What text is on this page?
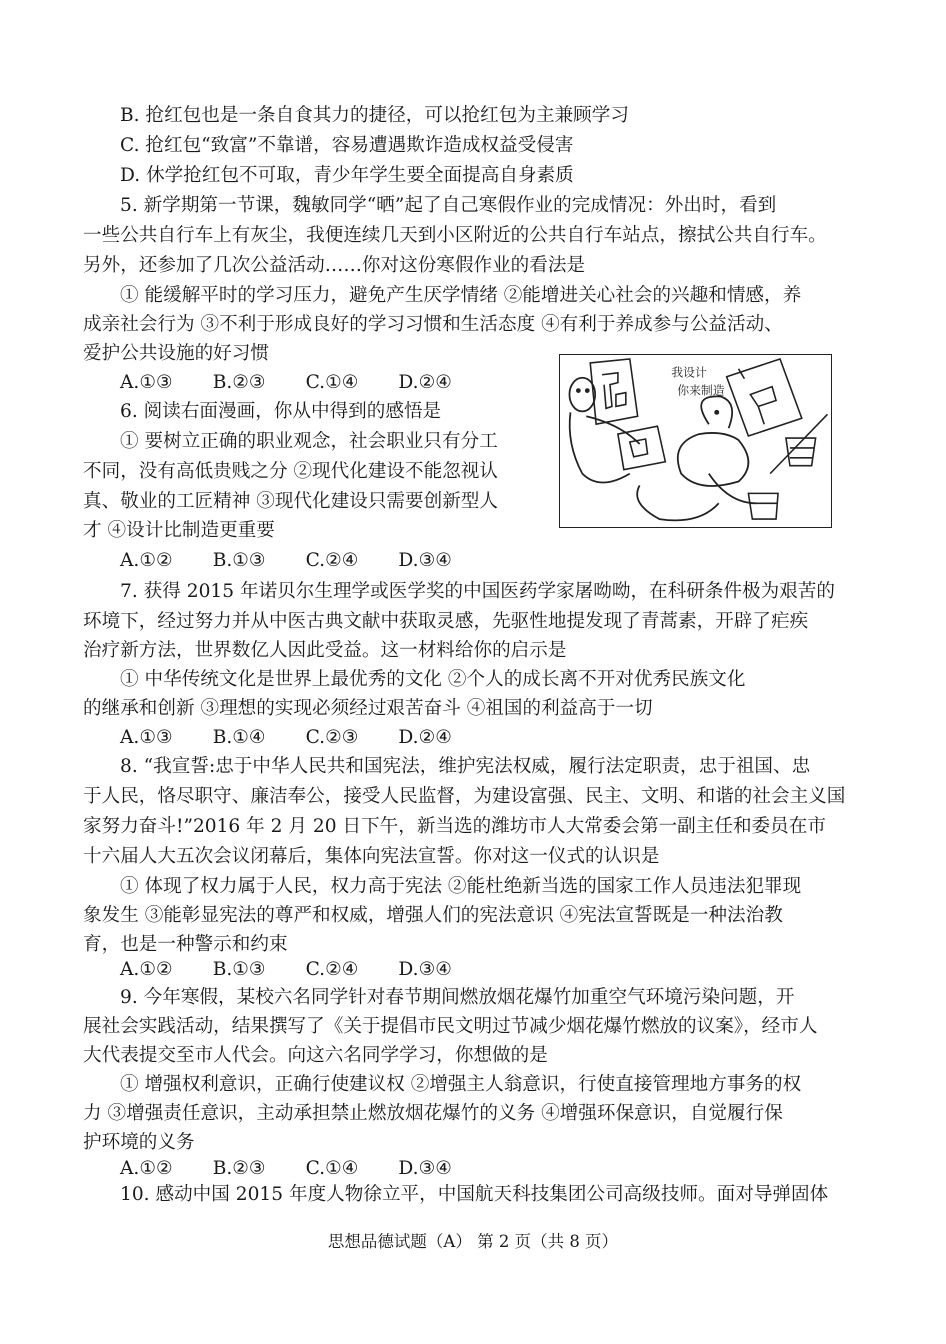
B. 抢红包也是一条自食其力的捷径，可以抢红包为主兼顾学习
C. 抢红包“致富”不靠谱，容易遭遇欺诈造成权益受侵害
D. 休学抢红包不可取，青少年学生要全面提高自身素质
5. 新学期第一节课，魏敏同学“晒”起了自己寒假作业的完成情况：外出时，看到
一些公共自行车上有灰尘，我便连续几天到小区附近的公共自行车站点，擦拭公共自行车。
另外，还参加了几次公益活动……你对这份寒假作业的看法是
① 能缓解平时的学习压力，避免产生厌学情绪 ②能增进关心社会的兴趣和情感，养
成亲社会行为 ③不利于形成良好的学习习惯和生活态度 ④有利于养成参与公益活动、
爱护公共设施的好习惯
A.①③ B.②③ C.①④ D.②④
6. 阅读右面漫画，你从中得到的感悟是
① 要树立正确的职业观念，社会职业只有分工
不同，没有高低贵贱之分 ②现代化建设不能忽视认
真、敬业的工匠精神 ③现代化建设只需要创新型人
才 ④设计比制造更重要
A.①② B.①③ C.②④ D.③④
我设计
你来制造
7. 获得 2015 年诺贝尔生理学或医学奖的中国医药学家屠呦呦，在科研条件极为艰苦的
环境下，经过努力并从中医古典文献中获取灵感，先驱性地提发现了青蒿素，开辟了疟疾
治疗新方法，世界数亿人因此受益。这一材料给你的启示是
① 中华传统文化是世界上最优秀的文化 ②个人的成长离不开对优秀民族文化
的继承和创新 ③理想的实现必须经过艰苦奋斗 ④祖国的利益高于一切
A.①③ B.①④ C.②③ D.②④
8. “我宣誓:忠于中华人民共和国宪法，维护宪法权威，履行法定职责，忠于祖国、忠
于人民，恪尽职守、廉洁奉公，接受人民监督，为建设富强、民主、文明、和谐的社会主义国
家努力奋斗!”2016 年 2 月 20 日下午，新当选的潍坊市人大常委会第一副主任和委员在市
十六届人大五次会议闭幕后，集体向宪法宣誓。你对这一仪式的认识是
① 体现了权力属于人民，权力高于宪法 ②能杜绝新当选的国家工作人员违法犯罪现
象发生 ③能彰显宪法的尊严和权威，增强人们的宪法意识 ④宪法宣誓既是一种法治教
育，也是一种警示和约束
A.①② B.①③ C.②④ D.③④
9. 今年寒假，某校六名同学针对春节期间燃放烟花爆竹加重空气环境污染问题，开
展社会实践活动，结果撰写了《关于提倡市民文明过节减少烟花爆竹燃放的议案》，经市人
大代表提交至市人代会。向这六名同学学习，你想做的是
① 增强权利意识，正确行使建议权 ②增强主人翁意识，行使直接管理地方事务的权
力 ③增强责任意识，主动承担禁止燃放烟花爆竹的义务 ④增强环保意识，自觉履行保
护环境的义务
A.①② B.②③ C.①④ D.③④
10. 感动中国 2015 年度人物徐立平，中国航天科技集团公司高级技师。面对导弹固体
思想品德试题（A） 第 2 页（共 8 页）
